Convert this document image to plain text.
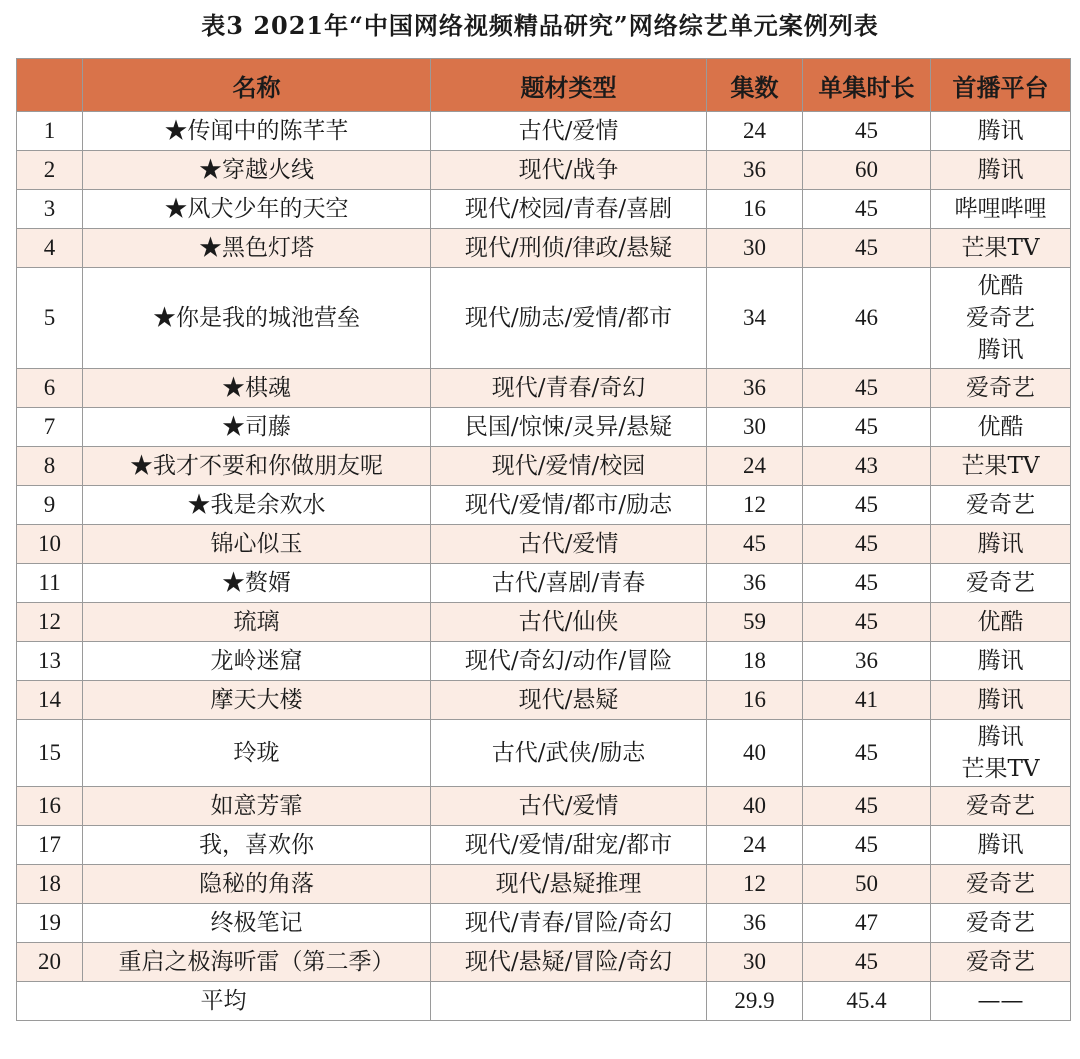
表3 2021年“中国网络视频精品研究”网络综艺单元案例列表
	名称	题材类型	集数	单集时长	首播平台
1	★传闻中的陈芊芊	古代/爱情	24	45	腾讯

2	★穿越火线	现代/战争	36	60	腾讯

3	★风犬少年的天空	现代/校园/青春/喜剧	16	45	哔哩哔哩

4	★黑色灯塔	现代/刑侦/律政/悬疑	30	45	芒果TV

5	★你是我的城池营垒	现代/励志/爱情/都市	34	46	优酷
爱奇艺
腾讯

6	★棋魂	现代/青春/奇幻	36	45	爱奇艺

7	★司藤	民国/惊悚/灵异/悬疑	30	45	优酷

8	★我才不要和你做朋友呢	现代/爱情/校园	24	43	芒果TV

9	★我是余欢水	现代/爱情/都市/励志	12	45	爱奇艺

10	锦心似玉	古代/爱情	45	45	腾讯

11	★赘婿	古代/喜剧/青春	36	45	爱奇艺

12	琉璃	古代/仙侠	59	45	优酷

13	龙岭迷窟	现代/奇幻/动作/冒险	18	36	腾讯

14	摩天大楼	现代/悬疑	16	41	腾讯

15	玲珑	古代/武侠/励志	40	45	腾讯
芒果TV

16	如意芳霏	古代/爱情	40	45	爱奇艺

17	我，喜欢你	现代/爱情/甜宠/都市	24	45	腾讯

18	隐秘的角落	现代/悬疑推理	12	50	爱奇艺

19	终极笔记	现代/青春/冒险/奇幻	36	47	爱奇艺

20	重启之极海听雷（第二季）	现代/悬疑/冒险/奇幻	30	45	爱奇艺

平均			29.9	45.4	——
